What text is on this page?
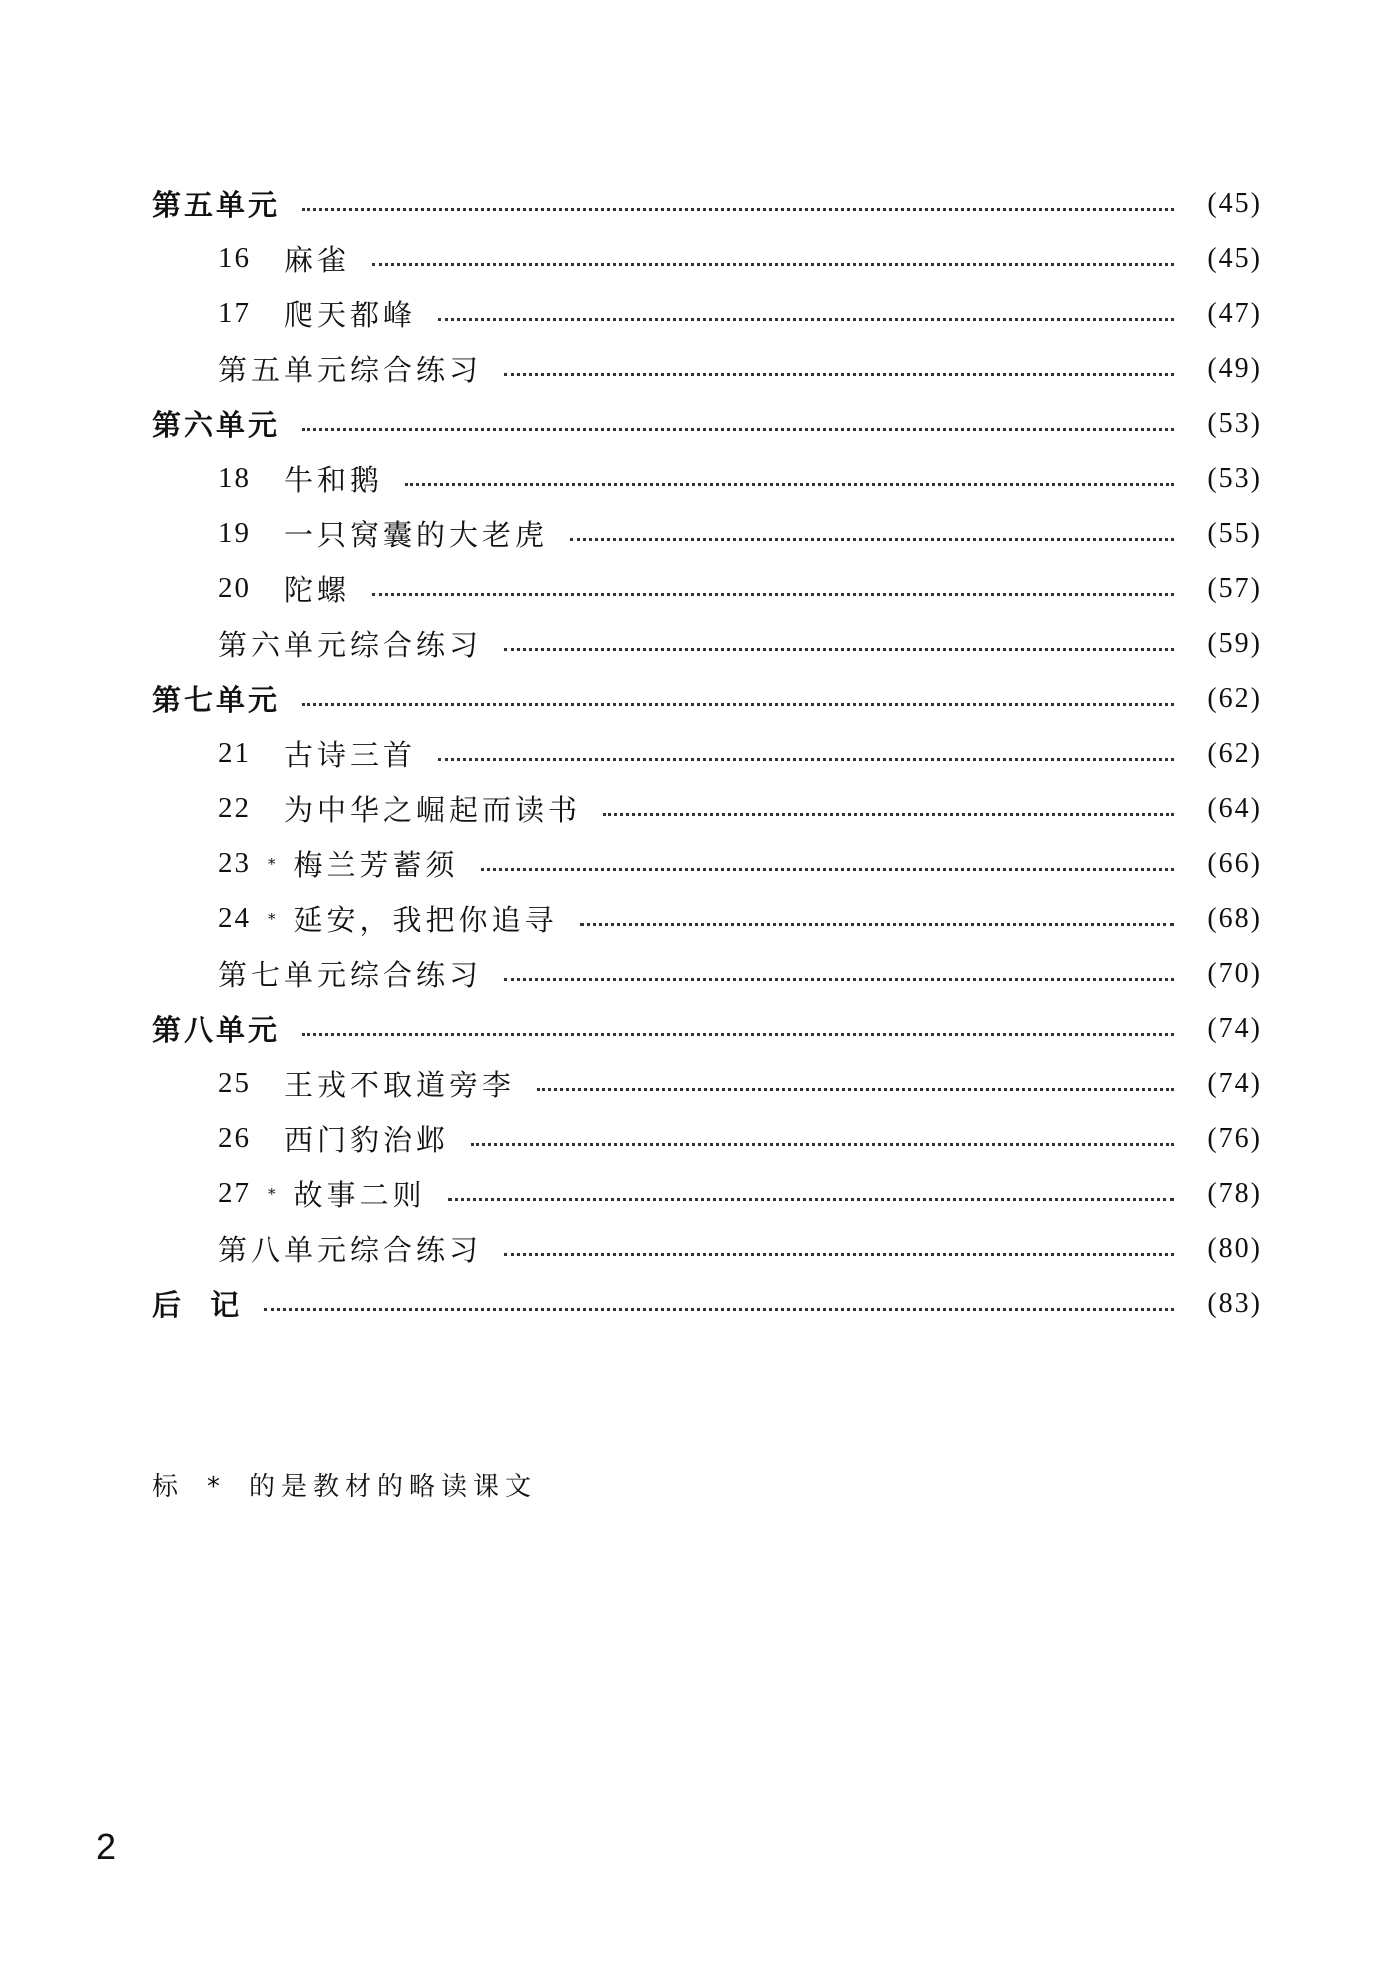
第五单元	(45)
16	麻雀	(45)
17	爬天都峰	(47)
第五单元综合练习	(49)
第六单元	(53)
18	牛和鹅	(53)
19	一只窝囊的大老虎	(55)
20	陀螺	(57)
第六单元综合练习	(59)
第七单元	(62)
21	古诗三首	(62)
22	为中华之崛起而读书	(64)
23	* 梅兰芳蓄须	(66)
24	* 延安，我把你追寻	(68)
第七单元综合练习	(70)
第八单元	(74)
25	王戎不取道旁李	(74)
26	西门豹治邺	(76)
27	* 故事二则	(78)
第八单元综合练习	(80)
后  记	(83)
标 * 的是教材的略读课文
2
